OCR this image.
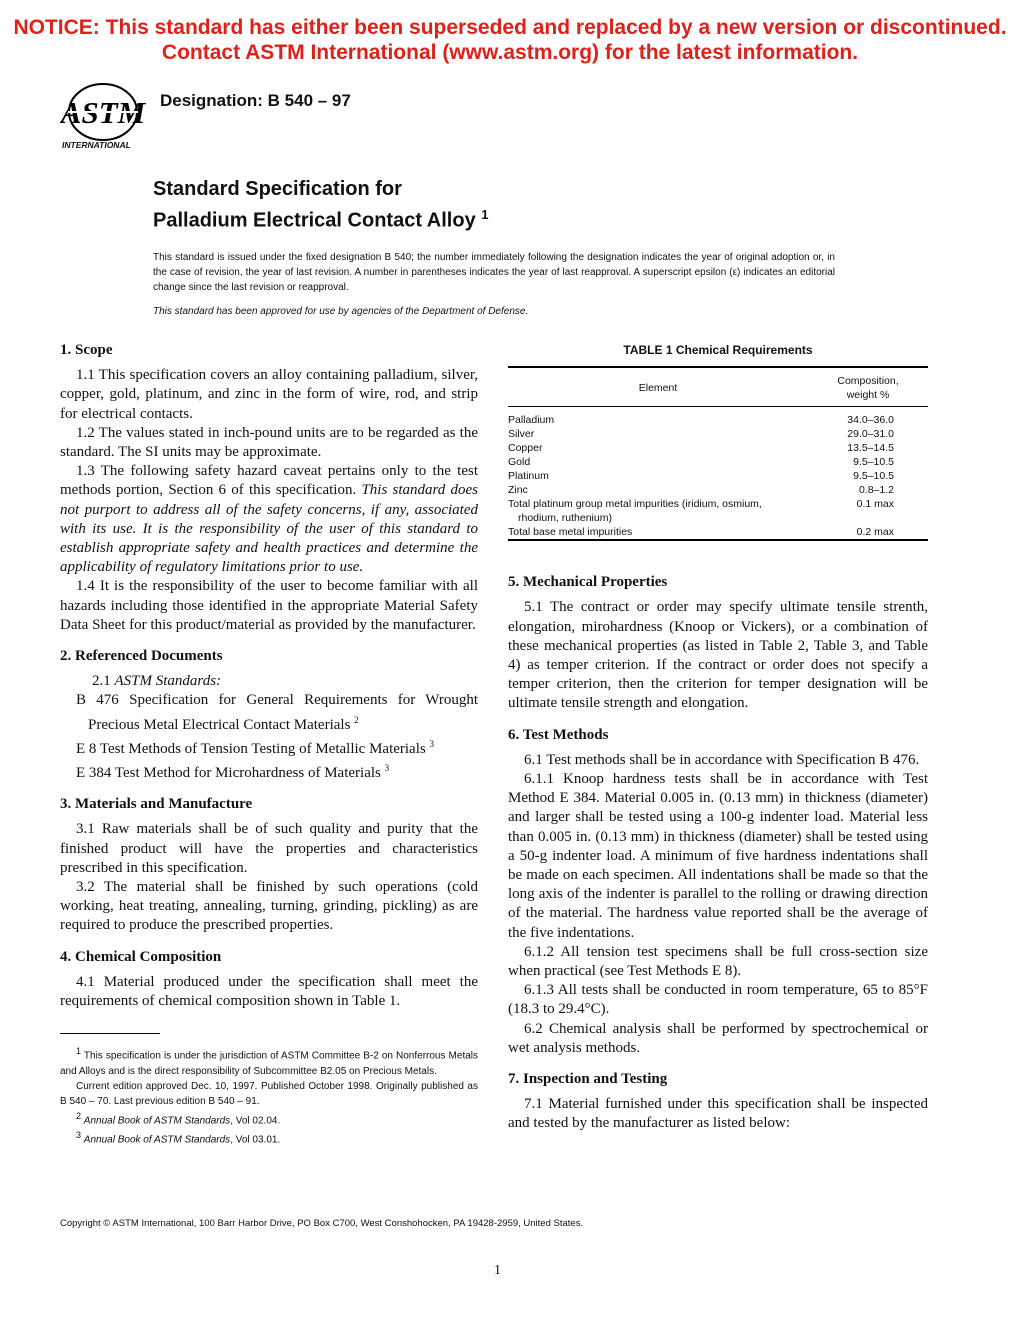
NOTICE: This standard has either been superseded and replaced by a new version or discontinued.
Contact ASTM International (www.astm.org) for the latest information.
ASTM
INTERNATIONAL
Designation: B 540 – 97
Standard Specification for
Palladium Electrical Contact Alloy $^1$
This standard is issued under the fixed designation B 540; the number immediately following the designation indicates the year of original adoption or, in the case of revision, the year of last revision. A number in parentheses indicates the year of last reapproval. A superscript epsilon (ε) indicates an editorial change since the last revision or reapproval.
This standard has been approved for use by agencies of the Department of Defense.
1. Scope

1.1 This specification covers an alloy containing palladium, silver, copper, gold, platinum, and zinc in the form of wire, rod, and strip for electrical contacts.

1.2 The values stated in inch-pound units are to be regarded as the standard. The SI units may be approximate.

1.3 The following safety hazard caveat pertains only to the test methods portion, Section 6 of this specification. This standard does not purport to address all of the safety concerns, if any, associated with its use. It is the responsibility of the user of this standard to establish appropriate safety and health practices and determine the applicability of regulatory limitations prior to use.

1.4 It is the responsibility of the user to become familiar with all hazards including those identified in the appropriate Material Safety Data Sheet for this product/material as provided by the manufacturer.

2. Referenced Documents

2.1 ASTM Standards:

B 476 Specification for General Requirements for Wrought Precious Metal Electrical Contact Materials $^2$

E 8 Test Methods of Tension Testing of Metallic Materials $^3$

E 384 Test Method for Microhardness of Materials $^3$

3. Materials and Manufacture

3.1 Raw materials shall be of such quality and purity that the finished product will have the properties and characteristics prescribed in this specification.

3.2 The material shall be finished by such operations (cold working, heat treating, annealing, turning, grinding, pickling) as are required to produce the prescribed properties.

4. Chemical Composition

4.1 Material produced under the specification shall meet the requirements of chemical composition shown in Table 1.

$^1$ This specification is under the jurisdiction of ASTM Committee B-2 on Nonferrous Metals and Alloys and is the direct responsibility of Subcommittee B2.05 on Precious Metals.

Current edition approved Dec. 10, 1997. Published October 1998. Originally published as B 540 – 70. Last previous edition B 540 – 91.

$^2$ Annual Book of ASTM Standards, Vol 02.04.

$^3$ Annual Book of ASTM Standards, Vol 03.01.

TABLE 1 Chemical Requirements
Element	Composition,
weight %

Palladium	34.0–36.0
Silver	29.0–31.0
Copper	13.5–14.5
Gold	9.5–10.5
Platinum	9.5–10.5
Zinc	0.8–1.2
Total platinum group metal impurities (iridium, osmium,
rhodium, ruthenium)	0.1 max
Total base metal impurities	0.2 max
5. Mechanical Properties

5.1 The contract or order may specify ultimate tensile strenth, elongation, mirohardness (Knoop or Vickers), or a combination of these mechanical properties (as listed in Table 2, Table 3, and Table 4) as temper criterion. If the contract or order does not specify a temper criterion, then the criterion for temper designation will be ultimate tensile strength and elongation.

6. Test Methods

6.1 Test methods shall be in accordance with Specification B 476.

6.1.1 Knoop hardness tests shall be in accordance with Test Method E 384. Material 0.005 in. (0.13 mm) in thickness (diameter) and larger shall be tested using a 100-g indenter load. Material less than 0.005 in. (0.13 mm) in thickness (diameter) shall be tested using a 50-g indenter load. A minimum of five hardness indentations shall be made on each specimen. All indentations shall be made so that the long axis of the indenter is parallel to the rolling or drawing direction of the material. The hardness value reported shall be the average of the five indentations.

6.1.2 All tension test specimens shall be full cross-section size when practical (see Test Methods E 8).

6.1.3 All tests shall be conducted in room temperature, 65 to 85°F (18.3 to 29.4°C).

6.2 Chemical analysis shall be performed by spectrochemical or wet analysis methods.

7. Inspection and Testing

7.1 Material furnished under this specification shall be inspected and tested by the manufacturer as listed below:

Copyright © ASTM International, 100 Barr Harbor Drive, PO Box C700, West Conshohocken, PA 19428-2959, United States.
1
